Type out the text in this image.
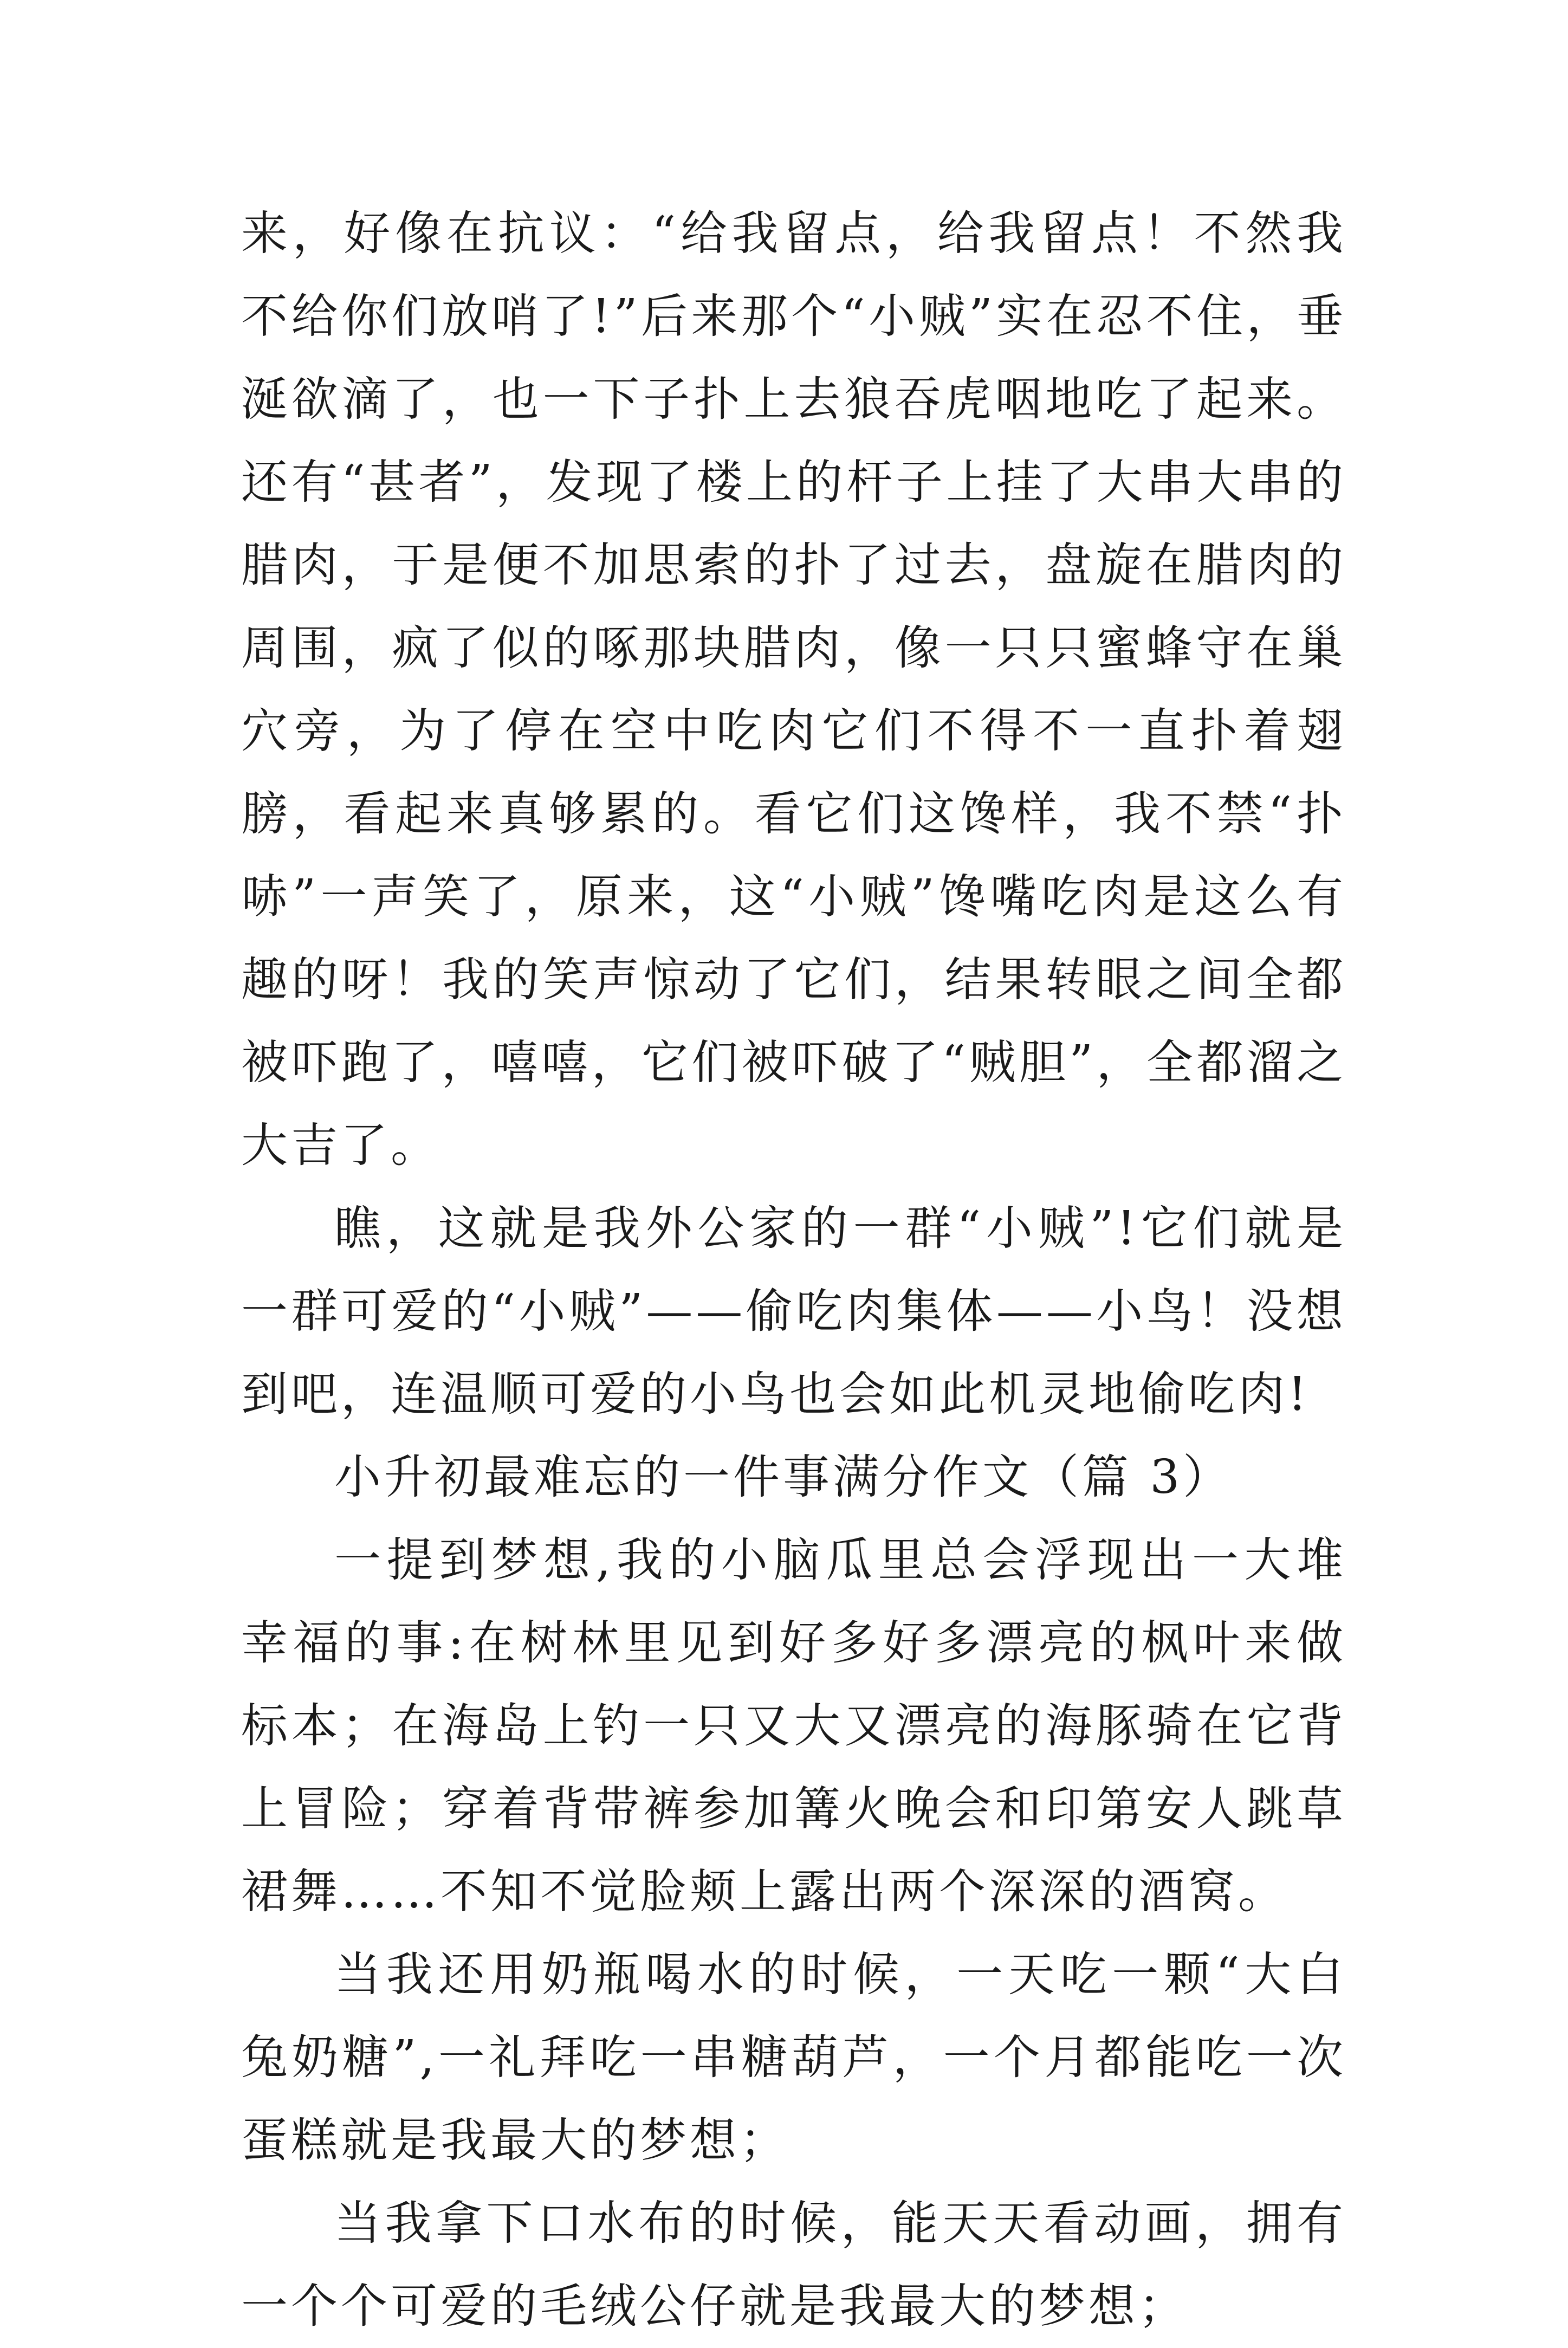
来，好像在抗议：“给我留点，给我留点！不然我不给你们放哨了!”后来那个“小贼”实在忍不住，垂涎欲滴了，也一下子扑上去狼吞虎咽地吃了起来。还有“甚者”，发现了楼上的杆子上挂了大串大串的腊肉，于是便不加思索的扑了过去，盘旋在腊肉的周围，疯了似的啄那块腊肉，像一只只蜜蜂守在巢穴旁，为了停在空中吃肉它们不得不一直扑着翅膀，看起来真够累的。看它们这馋样，我不禁“扑哧”一声笑了，原来，这“小贼”馋嘴吃肉是这么有趣的呀！我的笑声惊动了它们，结果转眼之间全都被吓跑了，嘻嘻，它们被吓破了“贼胆”，全都溜之大吉了。

瞧，这就是我外公家的一群“小贼”!它们就是一群可爱的“小贼”——偷吃肉集体——小鸟！没想到吧，连温顺可爱的小鸟也会如此机灵地偷吃肉!

小升初最难忘的一件事满分作文（篇 3）

一提到梦想,我的小脑瓜里总会浮现出一大堆幸福的事:在树林里见到好多好多漂亮的枫叶来做标本；在海岛上钓一只又大又漂亮的海豚骑在它背上冒险；穿着背带裤参加篝火晚会和印第安人跳草裙舞……不知不觉脸颊上露出两个深深的酒窝。

当我还用奶瓶喝水的时候，一天吃一颗“大白兔奶糖”,一礼拜吃一串糖葫芦，一个月都能吃一次蛋糕就是我最大的梦想；

当我拿下口水布的时候，能天天看动画，拥有一个个可爱的毛绒公仔就是我最大的梦想；
